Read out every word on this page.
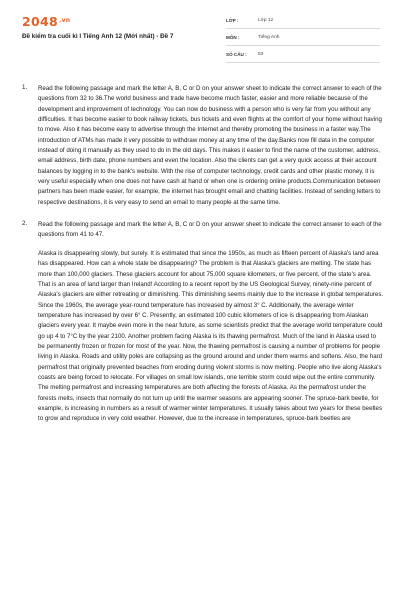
$2048^{.vn}$
Đề kiểm tra cuối kì I Tiếng Anh 12 (Mới nhất) - Đề 7
LỚP :	Lớp 12
MÔN :	Tiếng Anh
SỐ CÂU :	53
1. Read the following passage and mark the letter A, B, C or D on your answer sheet to indicate the correct answer to each of the questions from 32 to 36.The world business and trade have become much faster, easier and more reliable because of the development and improvement of technology. You can now do business with a person who is very far from you without any difficulties. It has become easier to book railway tickets, bus tickets and even flights at the comfort of your home without having to move. Also it has become easy to advertise through the Internet and thereby promoting the business in a faster way.The introduction of ATMs has made it very possible to withdraw money at any time of the day.Banks now fill data in the computer instead of doing it manually as they used to do in the old days. This makes it easier to find the name of the customer, address, email address, birth date, phone numbers and even the location. Also the clients can get a very quick access at their account balances by logging in to the bank's website. With the rise of computer technology, credit cards and other plastic money, it is very useful especially when one does not have cash at hand or when one is ordering online products.Communication between partners has been made easier, for example, the internet has brought email and chatting facilities. Instead of sending letters to respective destinations, it is very easy to send an email to many people at the same time.
2. Read the following passage and mark the letter A, B, C or D on your answer sheet to indicate the correct answer to each of the questions from 41 to 47.
Alaska is disappearing slowly, but surely. It is estimated that since the 1950s, as much as fifteen percent of Alaska's land area has disappeared. How can a whole state be disappearing? The problem is that Alaska's glaciers are melting. The state has more than 100,000 glaciers. These glaciers account for about 75,000 square kilometers, or five percent, of the state's area. That is an area of land larger than Ireland! According to a recent report by the US Geological Survey, ninety-nine percent of Alaska's glaciers are either retreating or diminishing. This diminishing seems mainly due to the increase in global temperatures. Since the 1960s, the average year-round temperature has increased by almost 3° C. Additionally, the average winter temperature has increased by over 6° C. Presently, an estimated 100 cubic kilometers of ice is disappearing from Alaskan glaciers every year. It maybe even more in the near future, as some scientists predict that the average world temperature could go up 4 to 7°C by the year 2100. Another problem facing Alaska is its thawing permafrost. Much of the land in Alaska used to be permanently frozen or frozen for most of the year. Now, the thawing permafrost is causing a number of problems for people living in Alaska. Roads and utility poles are collapsing as the ground around and under them warms and softens. Also, the hard permafrost that originally prevented beaches from eroding during violent storms is now melting. People who live along Alaska's coasts are being forced to relocate. For villages on small low islands, one terrible storm could wipe out the entire community. The melting permafrost and increasing temperatures are both affecting the forests of Alaska. As the permafrost under the forests melts, insects that normally do not turn up until the warmer seasons are appearing sooner. The spruce-bark beetle, for example, is increasing in numbers as a result of warmer winter temperatures. It usually takes about two years for these beetles to grow and reproduce in very cold weather. However, due to the increase in temperatures, spruce-bark beetles are
